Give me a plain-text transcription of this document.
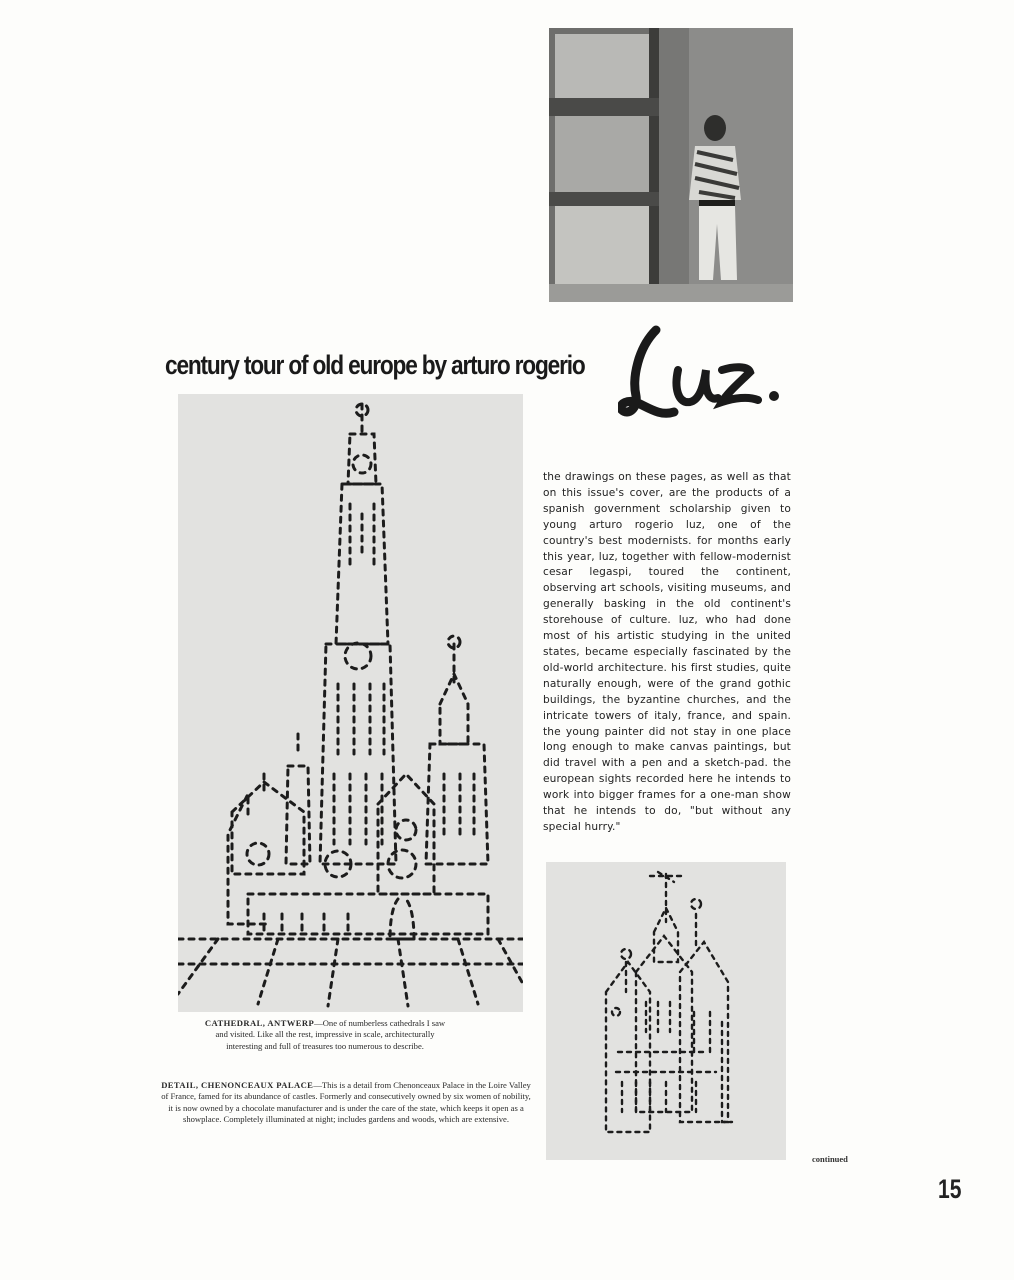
century tour of old europe by arturo rogerio
the drawings on these pages, as well as that on this issue's cover, are the products of a spanish government scholarship given to young arturo rogerio luz, one of the country's best modernists. for months early this year, luz, together with fellow-modernist cesar legaspi, toured the continent, observing art schools, visiting museums, and generally basking in the old continent's storehouse of culture. luz, who had done most of his artistic studying in the united states, became especially fascinated by the old-world architecture. his first studies, quite naturally enough, were of the grand gothic buildings, the byzantine churches, and the intricate towers of italy, france, and spain. the young painter did not stay in one place long enough to make canvas paintings, but did travel with a pen and a sketch-pad. the european sights recorded here he intends to work into bigger frames for a one-man show that he intends to do, "but without any special hurry."
CATHEDRAL, ANTWERP—One of numberless cathedrals I saw and visited. Like all the rest, impressive in scale, architecturally interesting and full of treasures too numerous to describe.
DETAIL, CHENONCEAUX PALACE—This is a detail from Chenonceaux Palace in the Loire Valley of France, famed for its abundance of castles. Formerly and consecutively owned by six women of nobility, it is now owned by a chocolate manufacturer and is under the care of the state, which keeps it open as a showplace. Completely illuminated at night; includes gardens and woods, which are extensive.
continued
15
